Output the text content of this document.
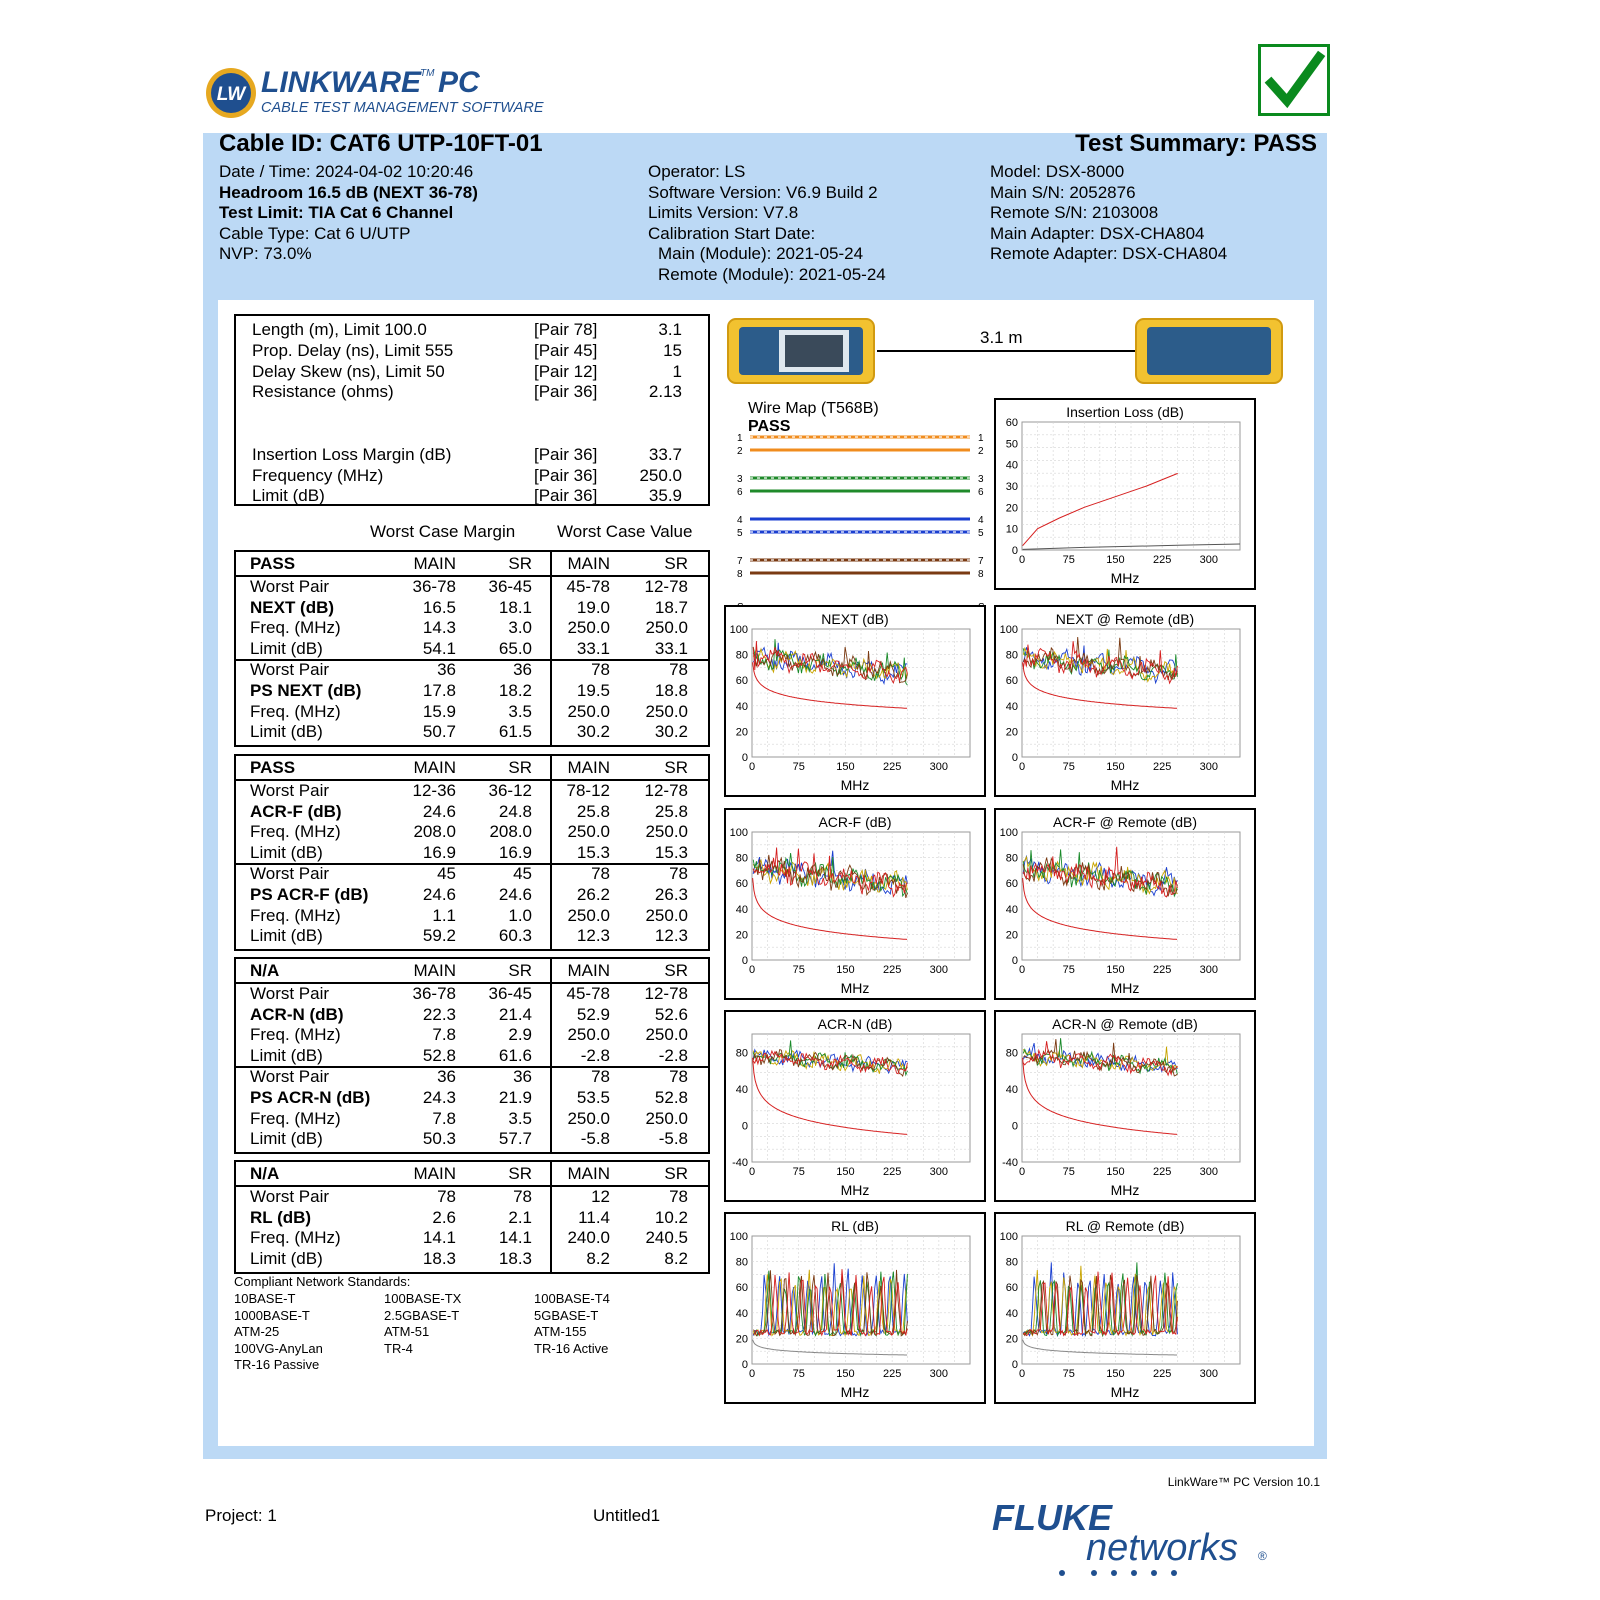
LW LINKWARE TM PC
CABLE TEST MANAGEMENT SOFTWARE
Cable ID: CAT6 UTP-10FT-01	Test Summary: PASS
Date / Time: 2024-04-02 10:20:46
Headroom 16.5 dB (NEXT 36-78)
Test Limit: TIA Cat 6 Channel
Cable Type: Cat 6 U/UTP
NVP: 73.0%
Operator: LS
Software Version: V6.9 Build 2
Limits Version: V7.8
Calibration Start Date:
Main (Module): 2021-05-24
Remote (Module): 2021-05-24
Model: DSX-8000
Main S/N: 2052876
Remote S/N: 2103008
Main Adapter: DSX-CHA804
Remote Adapter: DSX-CHA804
Length (m), Limit 100.0	[Pair 78]	3.1
Prop. Delay (ns), Limit 555	[Pair 45]	15
Delay Skew (ns), Limit 50	[Pair 12]	1
Resistance (ohms)	[Pair 36]	2.13
Insertion Loss Margin (dB)	[Pair 36]	33.7
Frequency (MHz)	[Pair 36] 250.0
Limit (dB)	[Pair 36]	35.9
Worst Case Margin Worst Case Value
PASS	MAIN	SR MAIN	SR
Worst Pair	36-78 36-45 45-78 12-78
NEXT (dB)	16.5	18.1	19.0	18.7
Freq. (MHz)	14.3	3.0 250.0 250.0
Limit (dB)	54.1	65.0	33.1	33.1
Worst Pair	36	36	78	78
PS NEXT (dB)	17.8	18.2	19.5	18.8
Freq. (MHz)	15.9	3.5 250.0 250.0
Limit (dB)	50.7	61.5	30.2	30.2
PASS	MAIN	SR MAIN	SR
Worst Pair	12-36 36-12 78-12 12-78
ACR-F (dB)	24.6	24.8	25.8	25.8
Freq. (MHz)	208.0 208.0 250.0 250.0
Limit (dB)	16.9	16.9	15.3	15.3
Worst Pair	45	45	78	78
PS ACR-F (dB)	24.6	24.6	26.2	26.3
Freq. (MHz)	1.1	1.0 250.0 250.0
Limit (dB)	59.2	60.3	12.3	12.3
N/A	MAIN	SR MAIN	SR
Worst Pair	36-78 36-45 45-78 12-78
ACR-N (dB)	22.3	21.4	52.9	52.6
Freq. (MHz)	7.8	2.9 250.0 250.0
Limit (dB)	52.8	61.6	-2.8	-2.8
Worst Pair	36	36	78	78
PS ACR-N (dB)	24.3	21.9	53.5	52.8
Freq. (MHz)	7.8	3.5 250.0 250.0
Limit (dB)	50.3	57.7	-5.8	-5.8
N/A	MAIN	SR MAIN	SR
Worst Pair	78	78	12	78
RL (dB)	2.6	2.1	11.4	10.2
Freq. (MHz)	14.1	14.1 240.0 240.5
Limit (dB)	18.3	18.3	8.2	8.2
Compliant Network Standards:
10BASE-T	100BASE-TX	100BASE-T4
1000BASE-T	2.5GBASE-T	5GBASE-T
ATM-25	ATM-51	ATM-155
100VG-AnyLan	TR-4	TR-16 Active
TR-16 Passive
3.1 m
Wire Map (T568B)
PASS
1	1
2	2
3	3
6	6
4	4
5	5
7	7
8	8
Insertion Loss (dB)
MHz
0	75	150	225	300
0
10
20
30
40
50
60
NEXT (dB)
MHz
0	75	150	225	300
0
20
40
60
80
100
NEXT @ Remote (dB)
MHz
0	75	150	225	300
0
20
40
60
80
100
ACR-F (dB)
MHz
0	75	150	225	300
0
20
40
60
80
100
ACR-F @ Remote (dB)
MHz
0	75	150	225	300
0
20
40
60
80
100
ACR-N (dB)
MHz
0	75	150	225	300
-40
0
40
80
ACR-N @ Remote (dB)
MHz
0	75	150	225	300
-40
0
40
80
RL (dB)
MHz
0	75	150	225	300
0
20
40
60
80
100
RL @ Remote (dB)
MHz
0	75	150	225	300
0
20
40
60
80
100
LinkWare™ PC Version 10.1
Project: 1	Untitled1	FLUKE
networks ®
